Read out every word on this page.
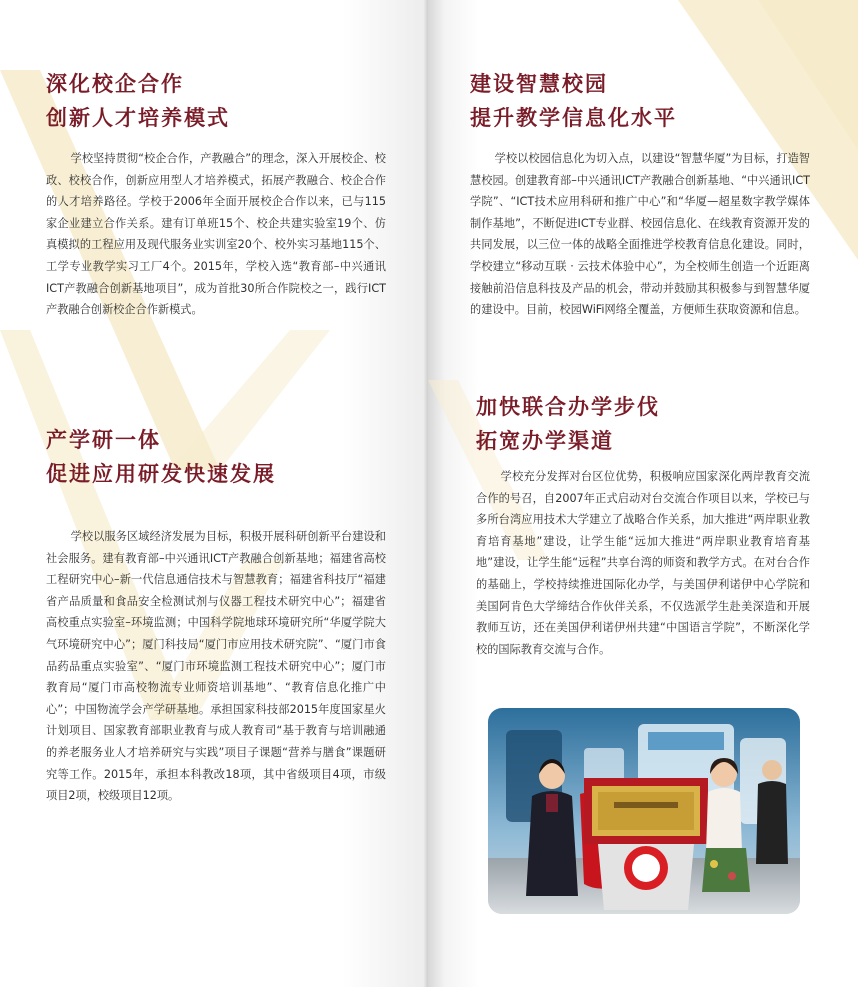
深化校企合作
创新人才培养模式

学校坚持贯彻“校企合作，产教融合”的理念，深入开展校企、校政、校校合作，创新应用型人才培养模式，拓展产教融合、校企合作的人才培养路径。学校于2006年全面开展校企合作以来，已与115家企业建立合作关系。建有订单班15个、校企共建实验室19个、仿真模拟的工程应用及现代服务业实训室20个、校外实习基地115个、工学专业教学实习工厂4个。2015年，学校入选“教育部–中兴通讯ICT产教融合创新基地项目”，成为首批30所合作院校之一，践行ICT产教融合创新校企合作新模式。

产学研一体
促进应用研发快速发展

学校以服务区域经济发展为目标，积极开展科研创新平台建设和社会服务。建有教育部–中兴通讯ICT产教融合创新基地；福建省高校工程研究中心–新一代信息通信技术与智慧教育；福建省科技厅“福建省产品质量和食品安全检测试剂与仪器工程技术研究中心”；福建省高校重点实验室–环境监测；中国科学院地球环境研究所“华厦学院大气环境研究中心”；厦门科技局“厦门市应用技术研究院”、“厦门市食品药品重点实验室”、“厦门市环境监测工程技术研究中心”；厦门市教育局“厦门市高校物流专业师资培训基地”、“教育信息化推广中心”；中国物流学会产学研基地。承担国家科技部2015年度国家星火计划项目、国家教育部职业教育与成人教育司“基于教育与培训融通的养老服务业人才培养研究与实践”项目子课题“营养与膳食”课题研究等工作。2015年，承担本科教改18项，其中省级项目4项，市级项目2项，校级项目12项。

建设智慧校园
提升教学信息化水平

学校以校园信息化为切入点，以建设“智慧华厦”为目标，打造智慧校园。创建教育部–中兴通讯ICT产教融合创新基地、“中兴通讯ICT学院”、“ICT技术应用科研和推广中心”和“华厦—超星数字教学媒体制作基地”，不断促进ICT专业群、校园信息化、在线教育资源开发的共同发展，以三位一体的战略全面推进学校教育信息化建设。同时，学校建立“移动互联 · 云技术体验中心”，为全校师生创造一个近距离接触前沿信息科技及产品的机会，带动并鼓励其积极参与到智慧华厦的建设中。目前，校园WiFi网络全覆盖，方便师生获取资源和信息。

加快联合办学步伐
拓宽办学渠道

学校充分发挥对台区位优势，积极响应国家深化两岸教育交流合作的号召，自2007年正式启动对台交流合作项目以来，学校已与多所台湾应用技术大学建立了战略合作关系，加大推进“两岸职业教育培育基地”建设，让学生能“远加大推进“两岸职业教育培育基地”建设，让学生能“远程”共享台湾的师资和教学方式。在对台合作的基础上，学校持续推进国际化办学，与美国伊利诺伊中心学院和美国阿肯色大学缔结合作伙伴关系，不仅选派学生赴美深造和开展教师互访，还在美国伊利诺伊州共建“中国语言学院”，不断深化学校的国际教育交流与合作。
